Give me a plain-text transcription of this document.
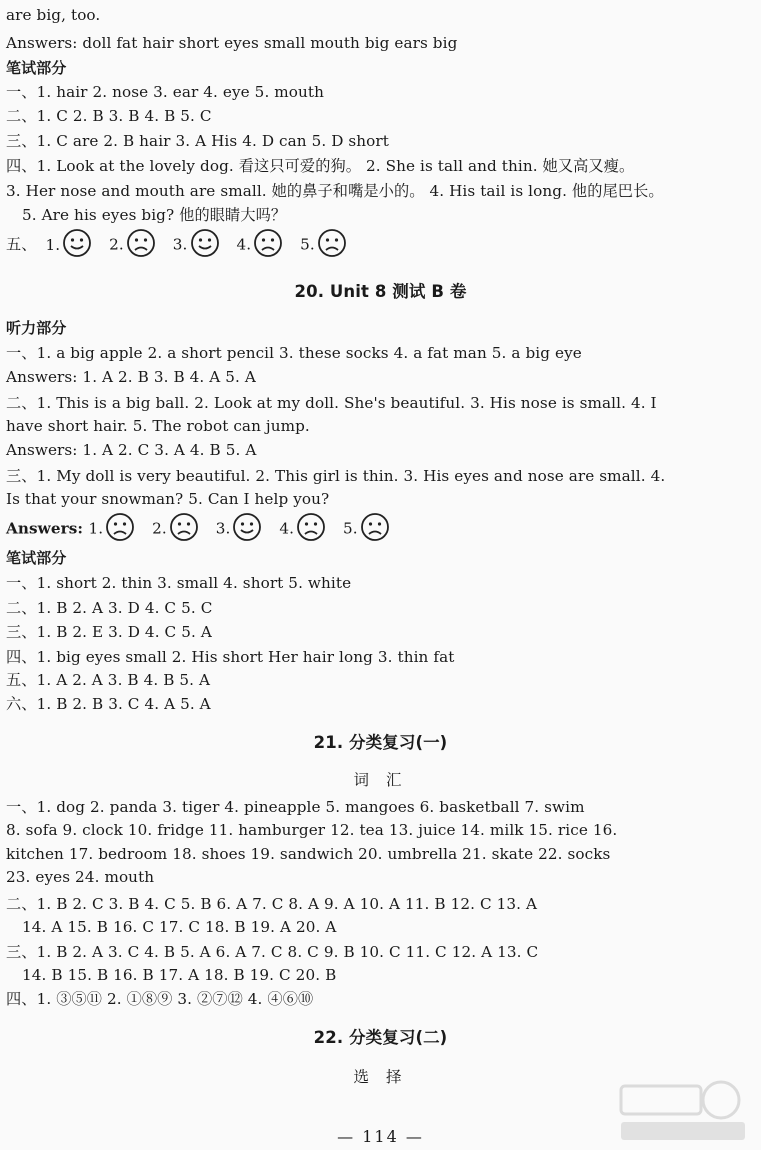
are big, too.
Answers: doll fat hair short eyes small mouth big ears big
笔试部分
一、1. hair 2. nose 3. ear 4. eye 5. mouth
二、1. C 2. B 3. B 4. B 5. C
三、1. C are 2. B hair 3. A His 4. D can 5. D short
四、1. Look at the lovely dog. 看这只可爱的狗。 2. She is tall and thin. 她又高又瘦。
3. Her nose and mouth are small. 她的鼻子和嘴是小的。 4. His tail is long. 他的尾巴长。
5. Are his eyes big? 他的眼睛大吗？
五、 1.	2.	3.	4.	5.
20. Unit 8 测试 B 卷
听力部分
一、1. a big apple 2. a short pencil 3. these socks 4. a fat man 5. a big eye
Answers: 1. A 2. B 3. B 4. A 5. A
二、1. This is a big ball. 2. Look at my doll. She's beautiful. 3. His nose is small. 4. I
have short hair. 5. The robot can jump.
Answers: 1. A 2. C 3. A 4. B 5. A
三、1. My doll is very beautiful. 2. This girl is thin. 3. His eyes and nose are small. 4.
Is that your snowman? 5. Can I help you?
Answers: 1.	2.	3.	4.	5.
笔试部分
一、1. short 2. thin 3. small 4. short 5. white
二、1. B 2. A 3. D 4. C 5. C
三、1. B 2. E 3. D 4. C 5. A
四、1. big eyes small 2. His short Her hair long 3. thin fat
五、1. A 2. A 3. B 4. B 5. A
六、1. B 2. B 3. C 4. A 5. A
21. 分类复习(一)
词 汇
一、1. dog 2. panda 3. tiger 4. pineapple 5. mangoes 6. basketball 7. swim
8. sofa 9. clock 10. fridge 11. hamburger 12. tea 13. juice 14. milk 15. rice 16.
kitchen 17. bedroom 18. shoes 19. sandwich 20. umbrella 21. skate 22. socks
23. eyes 24. mouth
二、1. B 2. C 3. B 4. C 5. B 6. A 7. C 8. A 9. A 10. A 11. B 12. C 13. A
14. A 15. B 16. C 17. C 18. B 19. A 20. A
三、1. B 2. A 3. C 4. B 5. A 6. A 7. C 8. C 9. B 10. C 11. C 12. A 13. C
14. B 15. B 16. B 17. A 18. B 19. C 20. B
四、1. ③⑤⑪ 2. ①⑧⑨ 3. ②⑦⑫ 4. ④⑥⑩
22. 分类复习(二)
选 择
— 114 —
